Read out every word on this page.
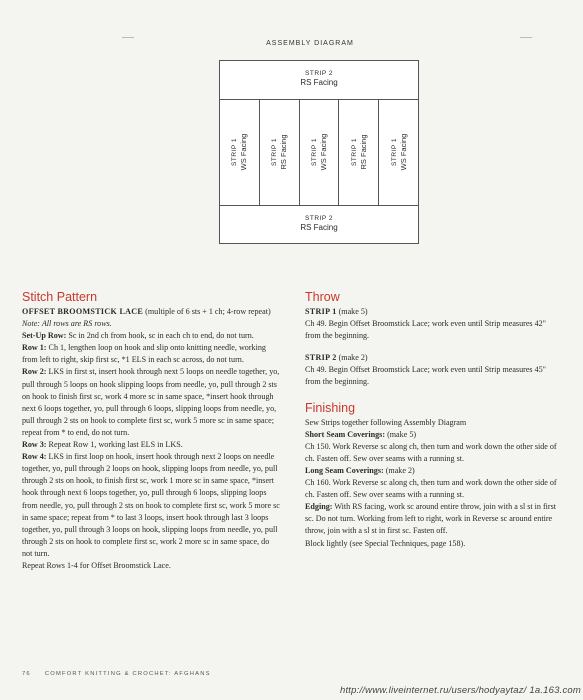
ASSEMBLY DIAGRAM
STRIP 2
RS Facing
STRIP 1 WS Facing	STRIP 1 RS Facing	STRIP 1 WS Facing	STRIP 1 RS Facing	STRIP 1 WS Facing
STRIP 2
RS Facing
Stitch Pattern

OFFSET BROOMSTICK LACE (multiple of 6 sts + 1 ch; 4-row repeat)

Note: All rows are RS rows.

Set-Up Row: Sc in 2nd ch from hook, sc in each ch to end, do not turn.

Row 1: Ch 1, lengthen loop on hook and slip onto knitting needle, working from left to right, skip first sc, *1 ELS in each sc across, do not turn.

Row 2: LKS in first st, insert hook through next 5 loops on needle together, yo, pull through 5 loops on hook slipping loops from needle, yo, pull through 2 sts on hook to finish first sc, work 4 more sc in same space, *insert hook through next 6 loops together, yo, pull through 6 loops, slipping loops from needle, yo, pull through 2 sts on hook to complete first sc, work 5 more sc in same space; repeat from * to end, do not turn.

Row 3: Repeat Row 1, working last ELS in LKS.

Row 4: LKS in first loop on hook, insert hook through next 2 loops on needle together, yo, pull through 2 loops on hook, slipping loops from needle, yo, pull through 2 sts on hook, to finish first sc, work 1 more sc in same space, *insert hook through next 6 loops together, yo, pull through 6 loops, slipping loops from needle, yo, pull through 2 sts on hook to complete first sc, work 5 more sc in same space; repeat from * to last 3 loops, insert hook through last 3 loops together, yo, pull through 3 loops on hook, slipping loops from needle, yo, pull through 2 sts on hook to complete first sc, work 2 more sc in same space, do not turn.

Repeat Rows 1-4 for Offset Broomstick Lace.

Throw

STRIP 1 (make 5)

Ch 49. Begin Offset Broomstick Lace; work even until Strip measures 42" from the beginning.

STRIP 2 (make 2)

Ch 49. Begin Offset Broomstick Lace; work even until Strip measures 45" from the beginning.

Finishing

Sew Strips together following Assembly Diagram

Short Seam Coverings: (make 5)

Ch 150. Work Reverse sc along ch, then turn and work down the other side of ch. Fasten off. Sew over seams with a running st.

Long Seam Coverings: (make 2)

Ch 160. Work Reverse sc along ch, then turn and work down the other side of ch. Fasten off. Sew over seams with a running st.

Edging: With RS facing, work sc around entire throw, join with a sl st in first sc. Do not turn. Working from left to right, work in Reverse sc around entire throw, join with a sl st in first sc. Fasten off.

Block lightly (see Special Techniques, page 158).

76 COMFORT KNITTING & CROCHET: AFGHANS
http://www.liveinternet.ru/users/hodyaytaz/ 1a.163.com
